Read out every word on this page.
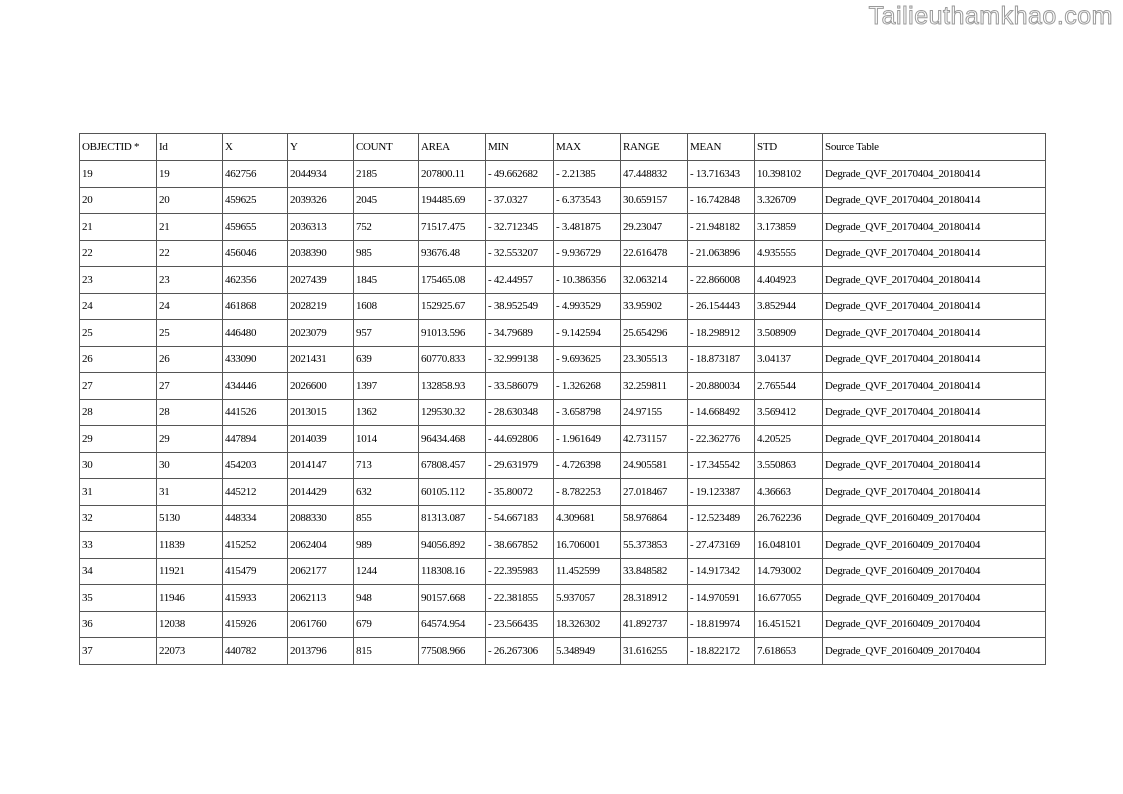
Tailieuthamkhao.com
OBJECTID *	Id	X	Y	COUNT	AREA	MIN	MAX	RANGE	MEAN	STD	Source Table
19	19	462756	2044934	2185	207800.11	- 49.662682	- 2.21385	47.448832	- 13.716343	10.398102	Degrade_QVF_20170404_20180414
20	20	459625	2039326	2045	194485.69	- 37.0327	- 6.373543	30.659157	- 16.742848	3.326709	Degrade_QVF_20170404_20180414
21	21	459655	2036313	752	71517.475	- 32.712345	- 3.481875	29.23047	- 21.948182	3.173859	Degrade_QVF_20170404_20180414
22	22	456046	2038390	985	93676.48	- 32.553207	- 9.936729	22.616478	- 21.063896	4.935555	Degrade_QVF_20170404_20180414
23	23	462356	2027439	1845	175465.08	- 42.44957	- 10.386356	32.063214	- 22.866008	4.404923	Degrade_QVF_20170404_20180414
24	24	461868	2028219	1608	152925.67	- 38.952549	- 4.993529	33.95902	- 26.154443	3.852944	Degrade_QVF_20170404_20180414
25	25	446480	2023079	957	91013.596	- 34.79689	- 9.142594	25.654296	- 18.298912	3.508909	Degrade_QVF_20170404_20180414
26	26	433090	2021431	639	60770.833	- 32.999138	- 9.693625	23.305513	- 18.873187	3.04137	Degrade_QVF_20170404_20180414
27	27	434446	2026600	1397	132858.93	- 33.586079	- 1.326268	32.259811	- 20.880034	2.765544	Degrade_QVF_20170404_20180414
28	28	441526	2013015	1362	129530.32	- 28.630348	- 3.658798	24.97155	- 14.668492	3.569412	Degrade_QVF_20170404_20180414
29	29	447894	2014039	1014	96434.468	- 44.692806	- 1.961649	42.731157	- 22.362776	4.20525	Degrade_QVF_20170404_20180414
30	30	454203	2014147	713	67808.457	- 29.631979	- 4.726398	24.905581	- 17.345542	3.550863	Degrade_QVF_20170404_20180414
31	31	445212	2014429	632	60105.112	- 35.80072	- 8.782253	27.018467	- 19.123387	4.36663	Degrade_QVF_20170404_20180414
32	5130	448334	2088330	855	81313.087	- 54.667183	4.309681	58.976864	- 12.523489	26.762236	Degrade_QVF_20160409_20170404
33	11839	415252	2062404	989	94056.892	- 38.667852	16.706001	55.373853	- 27.473169	16.048101	Degrade_QVF_20160409_20170404
34	11921	415479	2062177	1244	118308.16	- 22.395983	11.452599	33.848582	- 14.917342	14.793002	Degrade_QVF_20160409_20170404
35	11946	415933	2062113	948	90157.668	- 22.381855	5.937057	28.318912	- 14.970591	16.677055	Degrade_QVF_20160409_20170404
36	12038	415926	2061760	679	64574.954	- 23.566435	18.326302	41.892737	- 18.819974	16.451521	Degrade_QVF_20160409_20170404
37	22073	440782	2013796	815	77508.966	- 26.267306	5.348949	31.616255	- 18.822172	7.618653	Degrade_QVF_20160409_20170404
